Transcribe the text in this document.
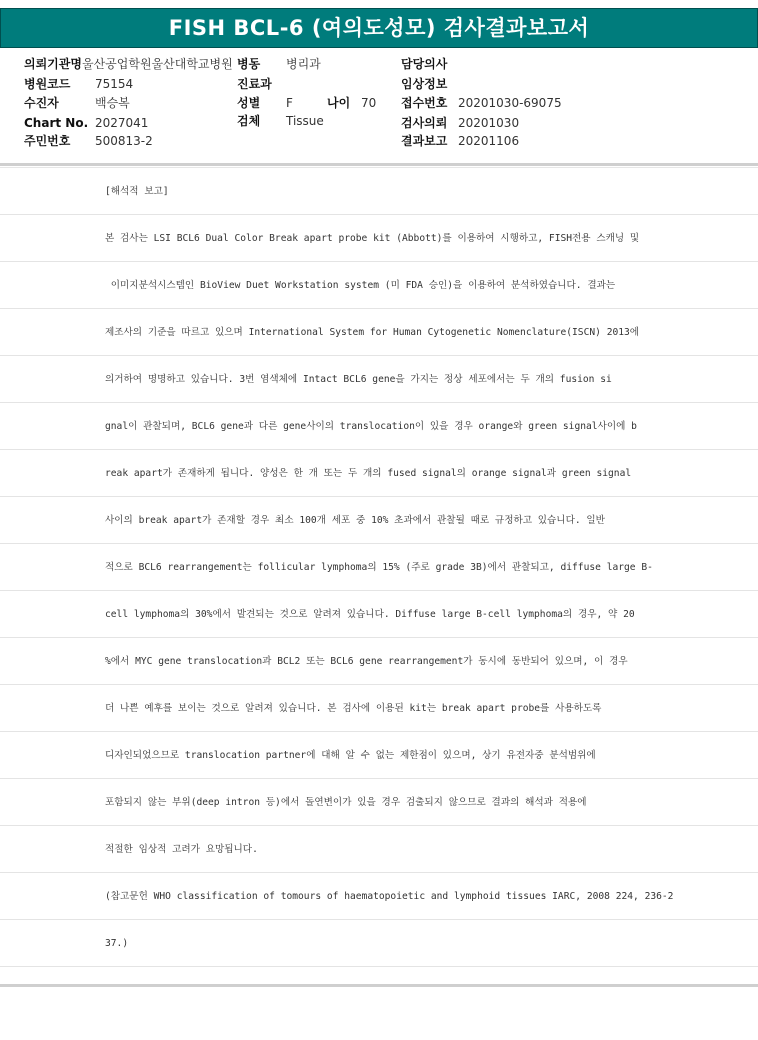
FISH BCL-6 (여의도성모) 검사결과보고서
의뢰기관명 울산공업학원울산대학교병원 병동 병리과	담당의사
병원코드 75154	진료과	임상정보
수진자	백승복	성별 F	나이 70 접수번호 20201030-69075
Chart No. 2027041	검체 Tissue	검사의뢰 20201030
주민번호 500813-2	결과보고 20201106
[해석적 보고]
본 검사는 LSI BCL6 Dual Color Break apart probe kit (Abbott)를 이용하여 시행하고, FISH전용 스캐닝 및
이미지분석시스템인 BioView Duet Workstation system (미 FDA 승인)을 이용하여 분석하였습니다. 결과는
제조사의 기준을 따르고 있으며 International System for Human Cytogenetic Nomenclature(ISCN) 2013에
의거하여 명명하고 있습니다. 3번 염색체에 Intact BCL6 gene을 가지는 정상 세포에서는 두 개의 fusion si
gnal이 관찰되며, BCL6 gene과 다른 gene사이의 translocation이 있을 경우 orange와 green signal사이에 b
reak apart가 존재하게 됩니다. 양성은 한 개 또는 두 개의 fused signal의 orange signal과 green signal
사이의 break apart가 존재할 경우 최소 100개 세포 중 10% 초과에서 관찰될 때로 규정하고 있습니다. 일반
적으로 BCL6 rearrangement는 follicular lymphoma의 15% (주로 grade 3B)에서 관찰되고, diffuse large B-
cell lymphoma의 30%에서 발견되는 것으로 알려져 있습니다. Diffuse large B-cell lymphoma의 경우, 약 20
%에서 MYC gene translocation과 BCL2 또는 BCL6 gene rearrangement가 동시에 동반되어 있으며, 이 경우
더 나쁜 예후를 보이는 것으로 알려져 있습니다. 본 검사에 이용된 kit는 break apart probe를 사용하도록
디자인되었으므로 translocation partner에 대해 알 수 없는 제한점이 있으며, 상기 유전자중 분석범위에
포함되지 않는 부위(deep intron 등)에서 돌연변이가 있을 경우 검출되지 않으므로 결과의 해석과 적용에
적절한 임상적 고려가 요망됩니다.
(참고문헌 WHO classification of tomours of haematopoietic and lymphoid tissues IARC, 2008 224, 236-2
37.)
